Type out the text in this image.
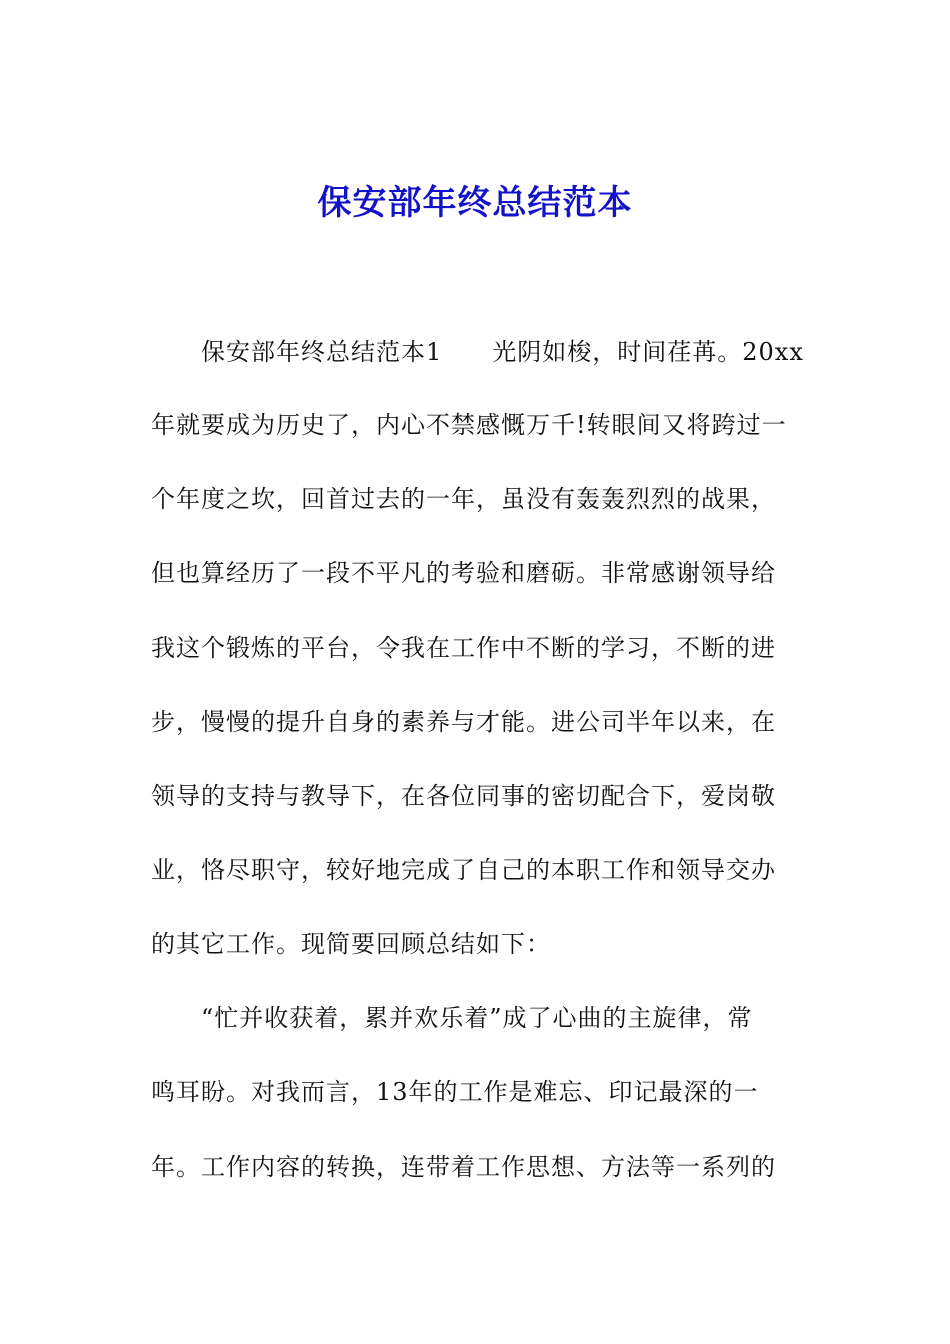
保安部年终总结范本
保安部年终总结范本1　　光阴如梭，时间荏苒。20xx
年就要成为历史了，内心不禁感慨万千!转眼间又将跨过一
个年度之坎，回首过去的一年，虽没有轰轰烈烈的战果，
但也算经历了一段不平凡的考验和磨砺。非常感谢领导给
我这个锻炼的平台，令我在工作中不断的学习，不断的进
步，慢慢的提升自身的素养与才能。进公司半年以来，在
领导的支持与教导下，在各位同事的密切配合下，爱岗敬
业，恪尽职守，较好地完成了自己的本职工作和领导交办
的其它工作。现简要回顾总结如下：
“忙并收获着，累并欢乐着”成了心曲的主旋律，常
鸣耳盼。对我而言，13年的工作是难忘、印记最深的一
年。工作内容的转换，连带着工作思想、方法等一系列的
